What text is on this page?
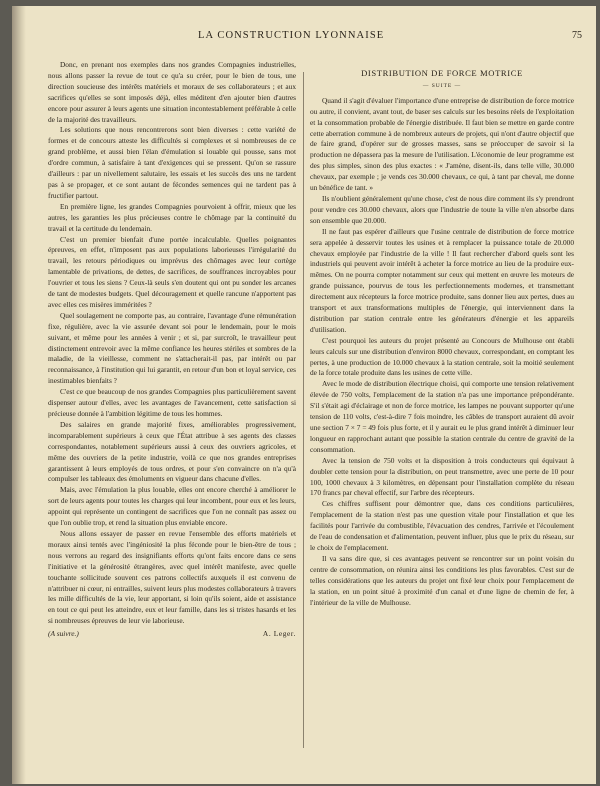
LA CONSTRUCTION LYONNAISE	75

Donc, en prenant nos exemples dans nos grandes Compagnies industrielles, nous allons passer la revue de tout ce qu'a su créer, pour le bien de tous, une direction soucieuse des intérêts matériels et moraux de ses collaborateurs ; et aux sacrifices qu'elles se sont imposés déjà, elles méditent d'en ajouter bien d'autres encore pour assurer à leurs agents une situation incontestablement préférable à celle de la majorité des travailleurs.

Les solutions que nous rencontrerons sont bien diverses : cette variété de formes et de concours atteste les difficultés si complexes et si nombreuses de ce grand problème, et aussi bien l'élan d'émulation si louable qui pousse, sans mot d'ordre commun, à satisfaire à tant d'exigences qui se pressent. Qu'on se rassure d'ailleurs : par un nivellement salutaire, les essais et les succès des uns ne tardent pas à se propager, et ce sont autant de fécondes semences qui ne tardent pas à fructifier partout.

En première ligne, les grandes Compagnies pourvoient à offrir, mieux que les autres, les garanties les plus précieuses contre le chômage par la continuité du travail et la certitude du lendemain.

C'est un premier bienfait d'une portée incalculable. Quelles poignantes épreuves, en effet, n'imposent pas aux populations laborieuses l'irrégularité du travail, les retours périodiques ou imprévus des chômages avec leur cortège lamentable de privations, de dettes, de sacrifices, de souffrances incroyables pour l'ouvrier et tous les siens ? Ceux-là seuls s'en doutent qui ont pu sonder les arcanes de tant de modestes budgets. Quel découragement et quelle rancune n'apportent pas avec elles ces misères imméritées ?

Quel soulagement ne comporte pas, au contraire, l'avantage d'une rémunération fixe, régulière, avec la vie assurée devant soi pour le lendemain, pour le mois suivant, et même pour les années à venir ; et si, par surcroît, le travailleur peut distinctement entrevoir avec la même confiance les heures stériles et sombres de la maladie, de la vieillesse, comment ne s'attacherait-il pas, par intérêt ou par reconnaissance, à l'institution qui lui garantit, en retour d'un bon et loyal service, ces inestimables bienfaits ?

C'est ce que beaucoup de nos grandes Compagnies plus particulièrement savent dispenser autour d'elles, avec les avantages de l'avancement, cette satisfaction si précieuse donnée à l'ambition légitime de tous les hommes.

Des salaires en grande majorité fixes, améliorables progressivement, incomparablement supérieurs à ceux que l'État attribue à ses agents des classes correspondantes, notablement supérieurs aussi à ceux des ouvriers agricoles, et même des ouvriers de la petite industrie, voilà ce que nos grandes entreprises garantissent à leurs employés de tous ordres, et pour s'en convaincre on n'a qu'à compulser les tableaux des émoluments en vigueur dans chacune d'elles.

Mais, avec l'émulation la plus louable, elles ont encore cherché à améliorer le sort de leurs agents pour toutes les charges qui leur incombent, pour eux et les leurs, appoint qui représente un contingent de sacrifices que l'on ne connaît pas assez ou que l'on oublie trop, et rend la situation plus enviable encore.

Nous allons essayer de passer en revue l'ensemble des efforts matériels et moraux ainsi tentés avec l'ingéniosité la plus féconde pour le bien-être de tous ; nous verrons au regard des insignifiants efforts qu'ont faits encore dans ce sens l'initiative et la générosité étrangères, avec quel intérêt manifeste, avec quelle touchante sollicitude souvent ces patrons collectifs auxquels il est convenu de n'attribuer ni cœur, ni entrailles, suivent leurs plus modestes collaborateurs à travers les mille difficultés de la vie, leur apportant, si loin qu'ils soient, aide et assistance en tout ce qui peut les atteindre, eux et leur famille, dans les si tristes hasards et les si nombreuses épreuves de leur vie laborieuse.

(A suivre.)	A. Leger.
DISTRIBUTION DE FORCE MOTRICE
— SUITE —

Quand il s'agit d'évaluer l'importance d'une entreprise de distribution de force motrice ou autre, il convient, avant tout, de baser ses calculs sur les besoins réels de l'exploitation et la consommation probable de l'énergie distribuée. Il faut bien se mettre en garde contre cette aberration commune à de nombreux auteurs de projets, qui n'ont d'autre objectif que de faire grand, d'opérer sur de grosses masses, sans se préoccuper de savoir si la production ne dépassera pas la mesure de l'utilisation. L'économie de leur programme est des plus simples, sinon des plus exactes : « J'amène, disent-ils, dans telle ville, 30.000 chevaux, par exemple ; je vends ces 30.000 chevaux, ce qui, à tant par cheval, me donne un bénéfice de tant. »

Ils n'oublient généralement qu'une chose, c'est de nous dire comment ils s'y prendront pour vendre ces 30.000 chevaux, alors que l'industrie de toute la ville n'en absorbe dans son ensemble que 20.000.

Il ne faut pas espérer d'ailleurs que l'usine centrale de distribution de force motrice sera appelée à desservir toutes les usines et à remplacer la puissance totale de 20.000 chevaux employée par l'industrie de la ville ! Il faut rechercher d'abord quels sont les industriels qui peuvent avoir intérêt à acheter la force motrice au lieu de la produire eux-mêmes. On ne pourra compter notamment sur ceux qui mettent en œuvre les moteurs de grande puissance, pourvus de tous les perfectionnements modernes, et transmettant directement aux récepteurs la force motrice produite, sans donner lieu aux pertes, dues au transport et aux transformations multiples de l'énergie, qui interviennent dans la distribution par station centrale entre les générateurs d'énergie et les appareils d'utilisation.

C'est pourquoi les auteurs du projet présenté au Concours de Mulhouse ont établi leurs calculs sur une distribution d'environ 8000 chevaux, correspondant, en comptant les pertes, à une production de 10.000 chevaux à la station centrale, soit la moitié seulement de la force totale produite dans les usines de cette ville.

Avec le mode de distribution électrique choisi, qui comporte une tension relativement élevée de 750 volts, l'emplacement de la station n'a pas une importance prépondérante. S'il s'était agi d'éclairage et non de force motrice, les lampes ne pouvant supporter qu'une tension de 110 volts, c'est-à-dire 7 fois moindre, les câbles de transport auraient dû avoir une section 7 × 7 = 49 fois plus forte, et il y aurait eu le plus grand intérêt à diminuer leur longueur en rapprochant autant que possible la station centrale du centre de gravité de la consommation.

Avec la tension de 750 volts et la disposition à trois conducteurs qui équivaut à doubler cette tension pour la distribution, on peut transmettre, avec une perte de 10 pour 100, 1000 chevaux à 3 kilomètres, en dépensant pour l'installation complète du réseau 170 francs par cheval effectif, sur l'arbre des récepteurs.

Ces chiffres suffisent pour démontrer que, dans ces conditions particulières, l'emplacement de la station n'est pas une question vitale pour l'installation et que les facilités pour l'arrivée du combustible, l'évacuation des cendres, l'arrivée et l'écoulement de l'eau de condensation et d'alimentation, peuvent influer, plus que le prix du réseau, sur le choix de l'emplacement.

Il va sans dire que, si ces avantages peuvent se rencontrer sur un point voisin du centre de consommation, on réunira ainsi les conditions les plus favorables. C'est sur de telles considérations que les auteurs du projet ont fixé leur choix pour l'emplacement de la station, en un point situé à proximité d'un canal et d'une ligne de chemin de fer, à l'intérieur de la ville de Mulhouse.
